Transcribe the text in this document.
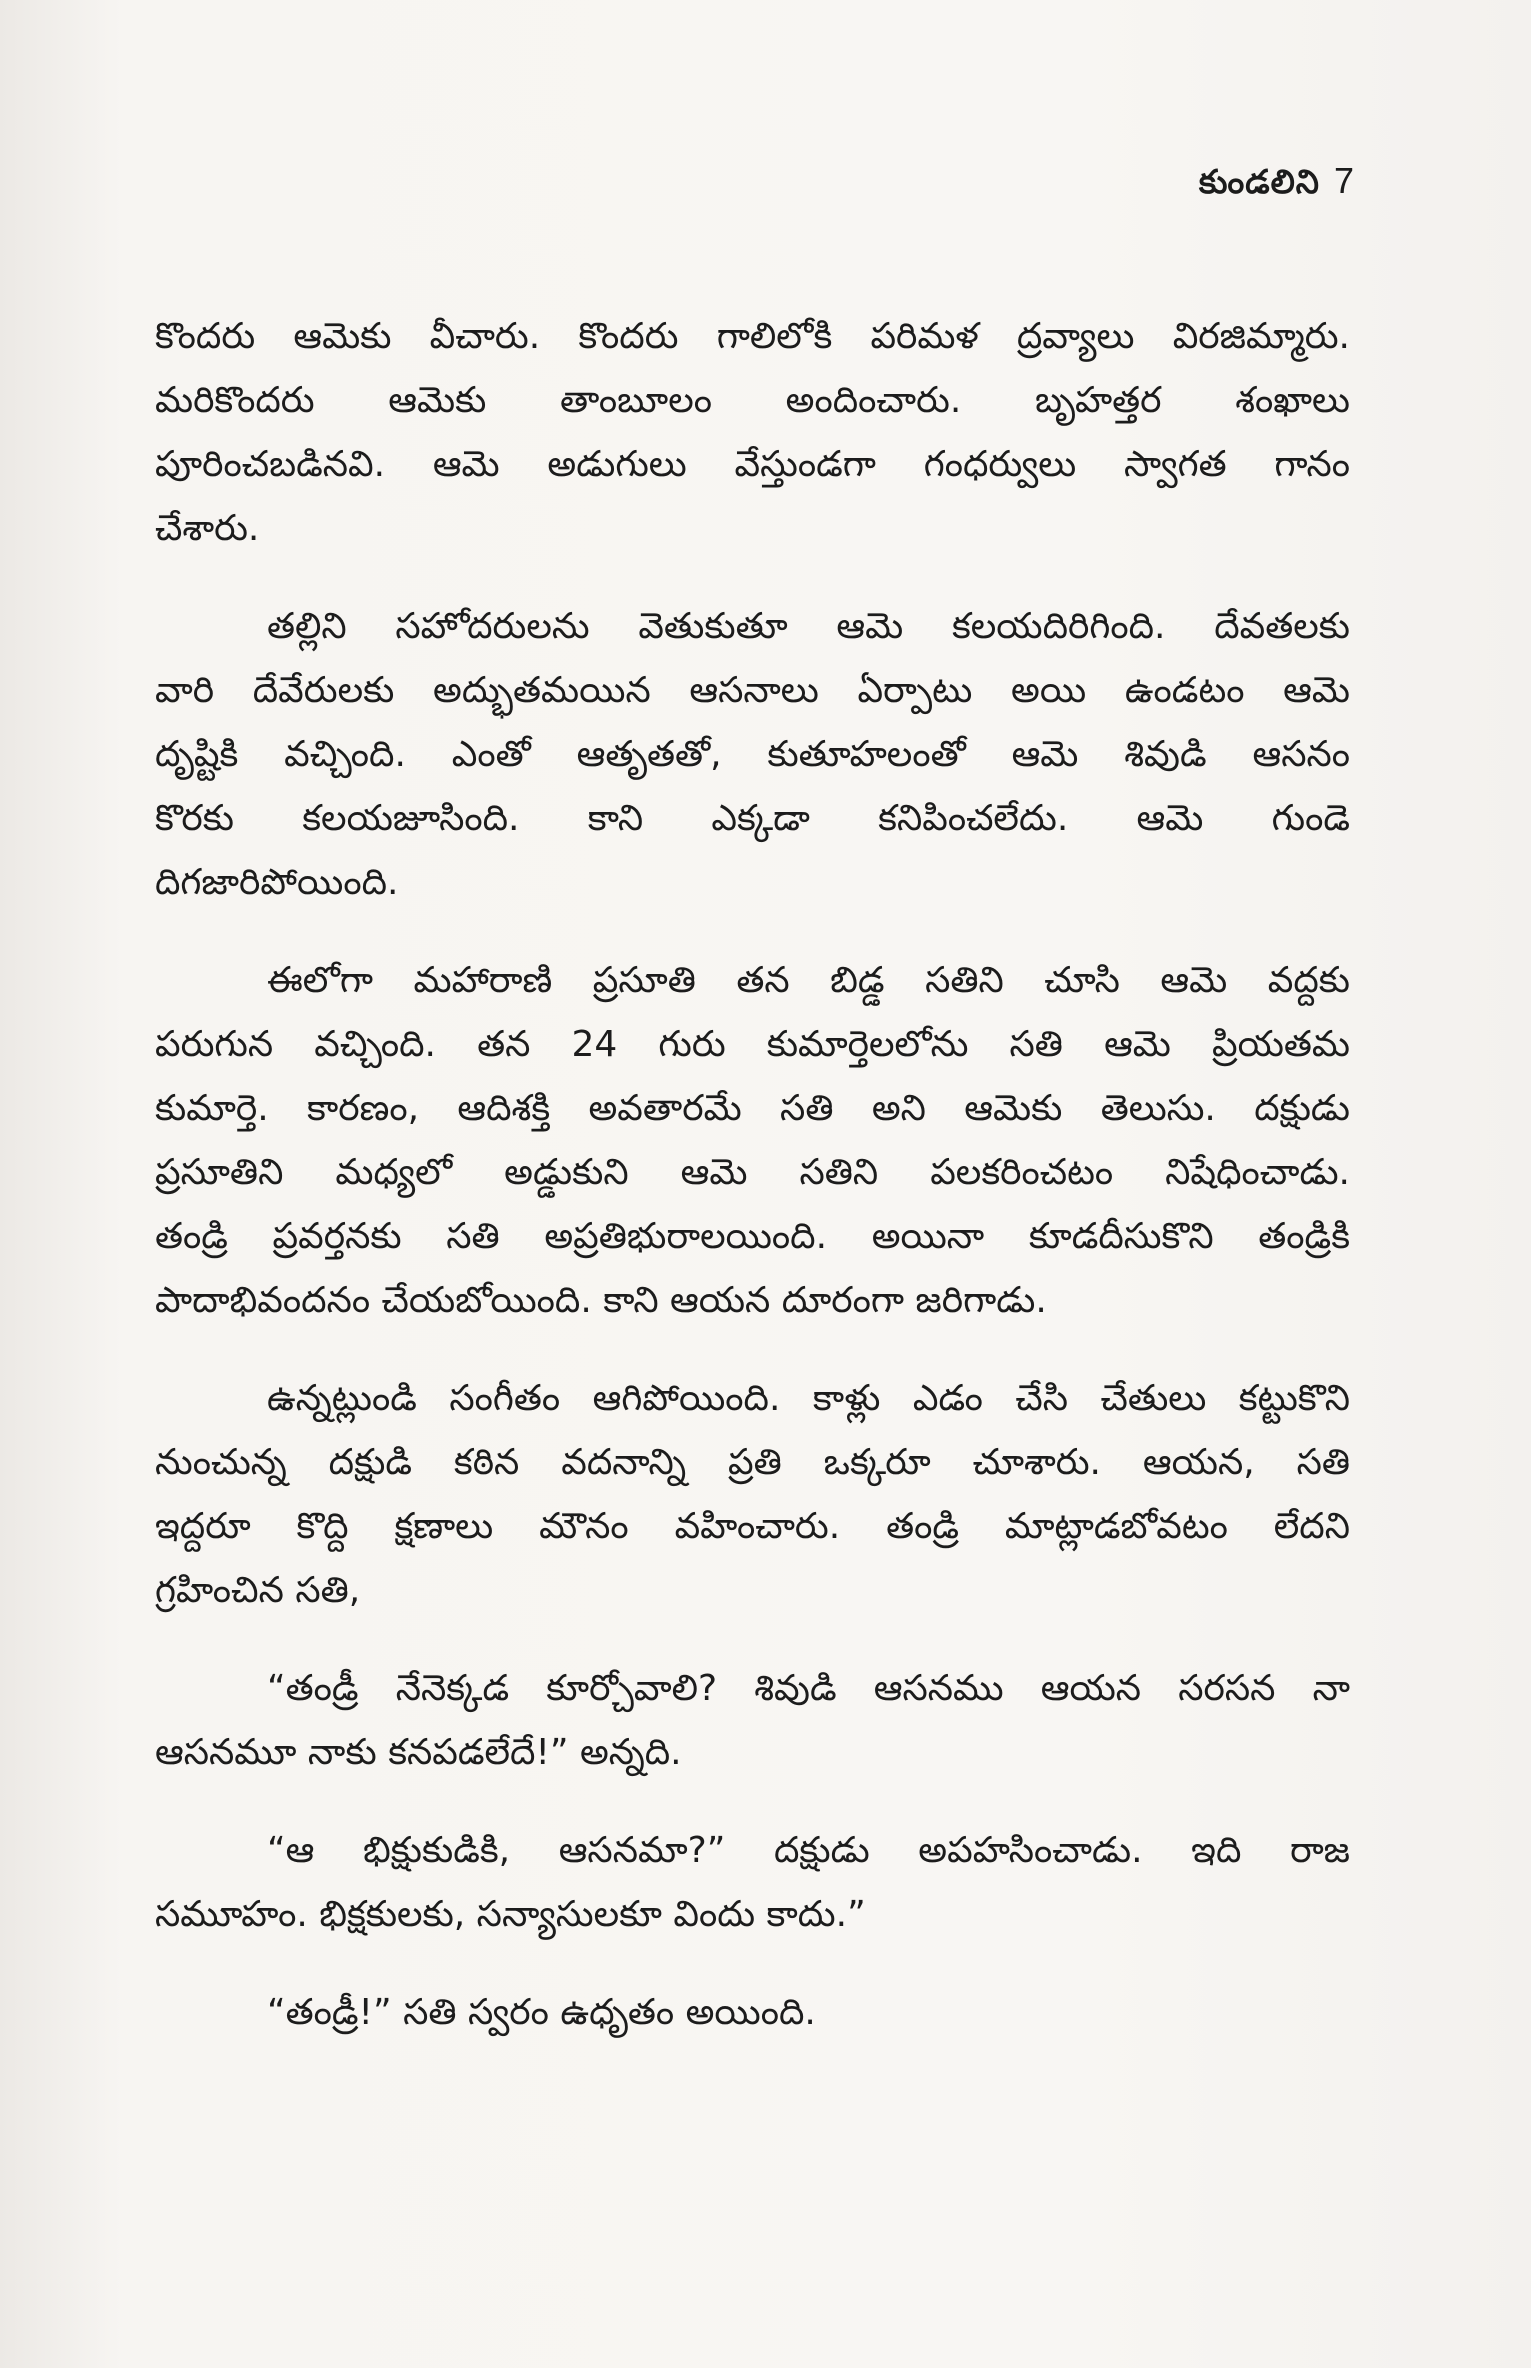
కుండలిని 7
కొందరు ఆమెకు వీచారు. కొందరు గాలిలోకి పరిమళ ద్రవ్యాలు విరజిమ్మారు.
మరికొందరు ఆమెకు తాంబూలం అందించారు. బృహత్తర శంఖాలు
పూరించబడినవి. ఆమె అడుగులు వేస్తుండగా గంధర్వులు స్వాగత గానం
చేశారు.
తల్లిని సహోదరులను వెతుకుతూ ఆమె కలయదిరిగింది. దేవతలకు
వారి దేవేరులకు అద్భుతమయిన ఆసనాలు ఏర్పాటు అయి ఉండటం ఆమె
దృష్టికి వచ్చింది. ఎంతో ఆతృతతో, కుతూహలంతో ఆమె శివుడి ఆసనం
కొరకు కలయజూసింది. కాని ఎక్కడా కనిపించలేదు. ఆమె గుండె
దిగజారిపోయింది.
ఈలోగా మహారాణి ప్రసూతి తన బిడ్డ సతిని చూసి ఆమె వద్దకు
పరుగున వచ్చింది. తన 24 గురు కుమార్తెలలోను సతి ఆమె ప్రియతమ
కుమార్తె. కారణం, ఆదిశక్తి అవతారమే సతి అని ఆమెకు తెలుసు. దక్షుడు
ప్రసూతిని మధ్యలో అడ్డుకుని ఆమె సతిని పలకరించటం నిషేధించాడు.
తండ్రి ప్రవర్తనకు సతి అప్రతిభురాలయింది. అయినా కూడదీసుకొని తండ్రికి
పాదాభివందనం చేయబోయింది. కాని ఆయన దూరంగా జరిగాడు.
ఉన్నట్లుండి సంగీతం ఆగిపోయింది. కాళ్లు ఎడం చేసి చేతులు కట్టుకొని
నుంచున్న దక్షుడి కఠిన వదనాన్ని ప్రతి ఒక్కరూ చూశారు. ఆయన, సతి
ఇద్దరూ కొద్ది క్షణాలు మౌనం వహించారు. తండ్రి మాట్లాడబోవటం లేదని
గ్రహించిన సతి,
“తండ్రీ నేనెక్కడ కూర్చోవాలి? శివుడి ఆసనము ఆయన సరసన నా
ఆసనమూ నాకు కనపడలేదే!” అన్నది.
“ఆ భిక్షుకుడికి, ఆసనమా?” దక్షుడు అపహసించాడు. ఇది రాజ
సమూహం. భిక్షకులకు, సన్యాసులకూ విందు కాదు.”
“తండ్రీ!” సతి స్వరం ఉధృతం అయింది.
